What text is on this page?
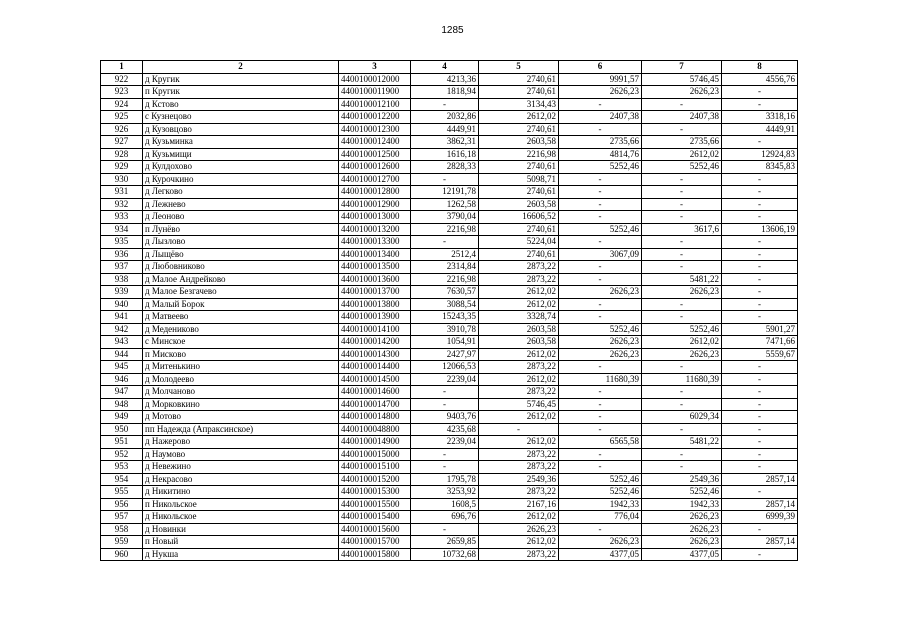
1285
1	2	3	4	5	6	7	8
922	д Кругик	4400100012000	4213,36	2740,61	9991,57	5746,45	4556,76
923	п Кругик	4400100011900	1818,94	2740,61	2626,23	2626,23	-
924	д Кстово	4400100012100	-	3134,43	-	-	-
925	с Кузнецово	4400100012200	2032,86	2612,02	2407,38	2407,38	3318,16
926	д Кузовцово	4400100012300	4449,91	2740,61	-	-	4449,91
927	д Кузьминка	4400100012400	3862,31	2603,58	2735,66	2735,66	-
928	д Кузьмищи	4400100012500	1616,18	2216,98	4814,76	2612,02	12924,83
929	д Кулдохово	4400100012600	2828,33	2740,61	5252,46	5252,46	8345,83
930	д Курочкино	4400100012700	-	5098,71	-	-	-
931	д Легково	4400100012800	12191,78	2740,61	-	-	-
932	д Лежнево	4400100012900	1262,58	2603,58	-	-	-
933	д Леоново	4400100013000	3790,04	16606,52	-	-	-
934	п Лунёво	4400100013200	2216,98	2740,61	5252,46	3617,6	13606,19
935	д Лызлово	4400100013300	-	5224,04	-	-	-
936	д Лыщёво	4400100013400	2512,4	2740,61	3067,09	-	-
937	д Любовниково	4400100013500	2314,84	2873,22	-	-	-
938	д Малое Андрейково	4400100013600	2216,98	2873,22	-	5481,22	-
939	д Малое Безгачево	4400100013700	7630,57	2612,02	2626,23	2626,23	-
940	д Малый Борок	4400100013800	3088,54	2612,02	-	-	-
941	д Матвеево	4400100013900	15243,35	3328,74	-	-	-
942	д Медениково	4400100014100	3910,78	2603,58	5252,46	5252,46	5901,27
943	с Минское	4400100014200	1054,91	2603,58	2626,23	2612,02	7471,66
944	п Мисково	4400100014300	2427,97	2612,02	2626,23	2626,23	5559,67
945	д Митенькино	4400100014400	12066,53	2873,22	-	-	-
946	д Молодеево	4400100014500	2239,04	2612,02	11680,39	11680,39	-
947	д Молчаново	4400100014600	-	2873,22	-	-	-
948	д Морковкино	4400100014700	-	5746,45	-	-	-
949	д Мотово	4400100014800	9403,76	2612,02	-	6029,34	-
950	пп Надежда (Апраксинское)	4400100048800	4235,68	-	-	-	-
951	д Нажерово	4400100014900	2239,04	2612,02	6565,58	5481,22	-
952	д Наумово	4400100015000	-	2873,22	-	-	-
953	д Невежино	4400100015100	-	2873,22	-	-	-
954	д Некрасово	4400100015200	1795,78	2549,36	5252,46	2549,36	2857,14
955	д Никитино	4400100015300	3253,92	2873,22	5252,46	5252,46	-
956	п Никольское	4400100015500	1608,5	2167,16	1942,33	1942,33	2857,14
957	д Никольское	4400100015400	696,76	2612,02	776,04	2626,23	6999,39
958	д Новинки	4400100015600	-	2626,23	-	2626,23	-
959	п Новый	4400100015700	2659,85	2612,02	2626,23	2626,23	2857,14
960	д Нукша	4400100015800	10732,68	2873,22	4377,05	4377,05	-
